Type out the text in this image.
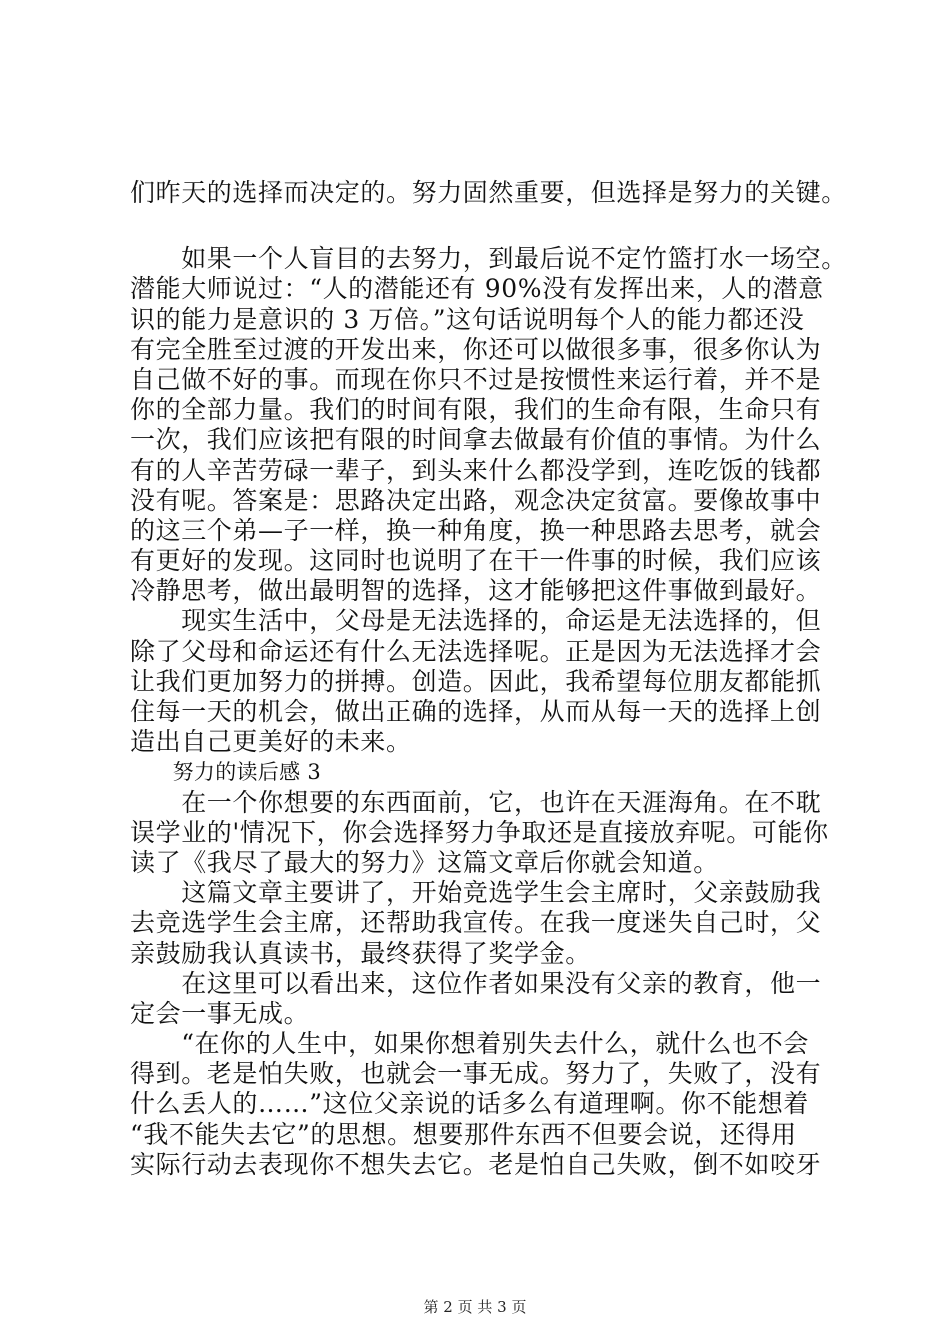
们昨天的选择而决定的。努力固然重要，但选择是努力的关键。
　　如果一个人盲目的去努力，到最后说不定竹篮打水一场空。
潜能大师说过：“人的潜能还有 90%没有发挥出来，人的潜意
识的能力是意识的 3 万倍。”这句话说明每个人的能力都还没
有完全胜至过渡的开发出来，你还可以做很多事，很多你认为
自己做不好的事。而现在你只不过是按惯性来运行着，并不是
你的全部力量。我们的时间有限，我们的生命有限，生命只有
一次，我们应该把有限的时间拿去做最有价值的事情。为什么
有的人辛苦劳碌一辈子，到头来什么都没学到，连吃饭的钱都
没有呢。答案是：思路决定出路，观念决定贫富。要像故事中
的这三个弟—子一样，换一种角度，换一种思路去思考，就会
有更好的发现。这同时也说明了在干一件事的时候，我们应该
冷静思考，做出最明智的选择，这才能够把这件事做到最好。
　　现实生活中，父母是无法选择的，命运是无法选择的，但
除了父母和命运还有什么无法选择呢。正是因为无法选择才会
让我们更加努力的拼搏。创造。因此，我希望每位朋友都能抓
住每一天的机会，做出正确的选择，从而从每一天的选择上创
造出自己更美好的未来。
　　努力的读后感 3
　　在一个你想要的东西面前，它，也许在天涯海角。在不耽
误学业的'情况下，你会选择努力争取还是直接放弃呢。可能你
读了《我尽了最大的努力》这篇文章后你就会知道。
　　这篇文章主要讲了，开始竞选学生会主席时，父亲鼓励我
去竞选学生会主席，还帮助我宣传。在我一度迷失自己时，父
亲鼓励我认真读书，最终获得了奖学金。
　　在这里可以看出来，这位作者如果没有父亲的教育，他一
定会一事无成。
　　“在你的人生中，如果你想着别失去什么，就什么也不会
得到。老是怕失败，也就会一事无成。努力了，失败了，没有
什么丢人的……”这位父亲说的话多么有道理啊。你不能想着
“我不能失去它”的思想。想要那件东西不但要会说，还得用
实际行动去表现你不想失去它。老是怕自己失败，倒不如咬牙
第 2 页 共 3 页
